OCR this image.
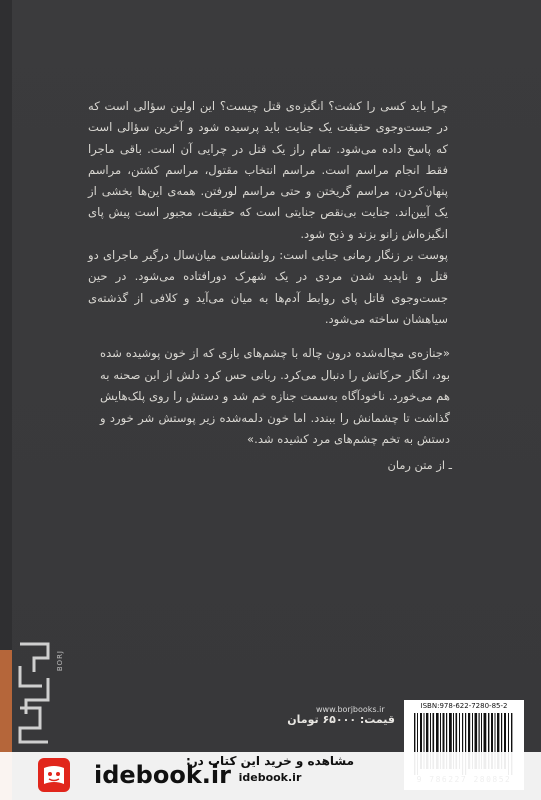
چرا باید کسی را کشت؟ انگیزه‌ی قتل چیست؟ این اولین سؤالی است که در جست‌وجوی حقیقت یک جنایت باید پرسیده شود و آخرین سؤالی است که پاسخ داده می‌شود. تمام راز یک قتل در چرایی آن است. باقی ماجرا فقط انجام مراسم است. مراسم انتخاب مقتول، مراسم کشتن، مراسم پنهان‌کردن، مراسم گریختن و حتی مراسم لورفتن. همه‌ی این‌ها بخشی از یک آیین‌اند. جنایت بی‌نقص جنایتی است که حقیقت، مجبور است پیش پای انگیزه‌اش زانو بزند و ذبح شود.

پوست بر زنگار رمانی جنایی است: روانشناسی میان‌سال درگیر ماجرای دو قتل و ناپدید شدن مردی در یک شهرک دورافتاده می‌شود. در حین جست‌وجوی قاتل پای روابط آدم‌ها به میان می‌آید و کلافی از گذشته‌ی سیاهشان ساخته می‌شود.

«جنازه‌ی مچاله‌شده درون چاله با چشم‌های بازی که از خون پوشیده شده بود، انگار حرکاتش را دنبال می‌کرد. ربانی حس کرد دلش از این صحنه به هم می‌خورد. ناخودآگاه به‌سمت جنازه خم شد و دستش را روی پلک‌هایش گذاشت تا چشمانش را ببندد. اما خون دلمه‌شده زیر پوستش شر خورد و دستش به تخم چشم‌های مرد کشیده شد.»

ـ از متن رمان
BORJ
www.borjbooks.ir
قیمت: ۶۵۰۰۰ تومان
ISBN:978-622-7280-85-2
idebook.ir
مشاهده و خرید این کتاب در:
idebook.ir
